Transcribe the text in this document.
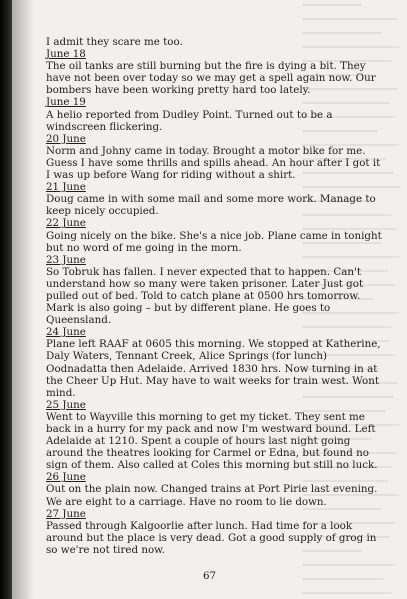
I admit they scare me too.

June 18

The oil tanks are still burning but the fire is dying a bit. They have not been over today so we may get a spell again now. Our bombers have been working pretty hard too lately.

June 19

A helio reported from Dudley Point. Turned out to be a windscreen flickering.

20 June

Norm and Johny came in today. Brought a motor bike for me. Guess I have some thrills and spills ahead. An hour after I got it I was up before Wang for riding without a shirt.

21 June

Doug came in with some mail and some more work. Manage to keep nicely occupied.

22 June

Going nicely on the bike. She's a nice job. Plane came in tonight but no word of me going in the morn.

23 June

So Tobruk has fallen. I never expected that to happen. Can't understand how so many were taken prisoner. Later Just got pulled out of bed. Told to catch plane at 0500 hrs tomorrow. Mark is also going – but by different plane. He goes to Queensland.

24 June

Plane left RAAF at 0605 this morning. We stopped at Katherine, Daly Waters, Tennant Creek, Alice Springs (for lunch) Oodnadatta then Adelaide. Arrived 1830 hrs. Now turning in at the Cheer Up Hut. May have to wait weeks for train west. Wont mind.

25 June

Went to Wayville this morning to get my ticket. They sent me back in a hurry for my pack and now I'm westward bound. Left Adelaide at 1210. Spent a couple of hours last night going around the theatres looking for Carmel or Edna, but found no sign of them. Also called at Coles this morning but still no luck.

26 June

Out on the plain now. Changed trains at Port Pirie last evening. We are eight to a carriage. Have no room to lie down.

27 June

Passed through Kalgoorlie after lunch. Had time for a look around but the place is very dead. Got a good supply of grog in so we're not tired now.

67
